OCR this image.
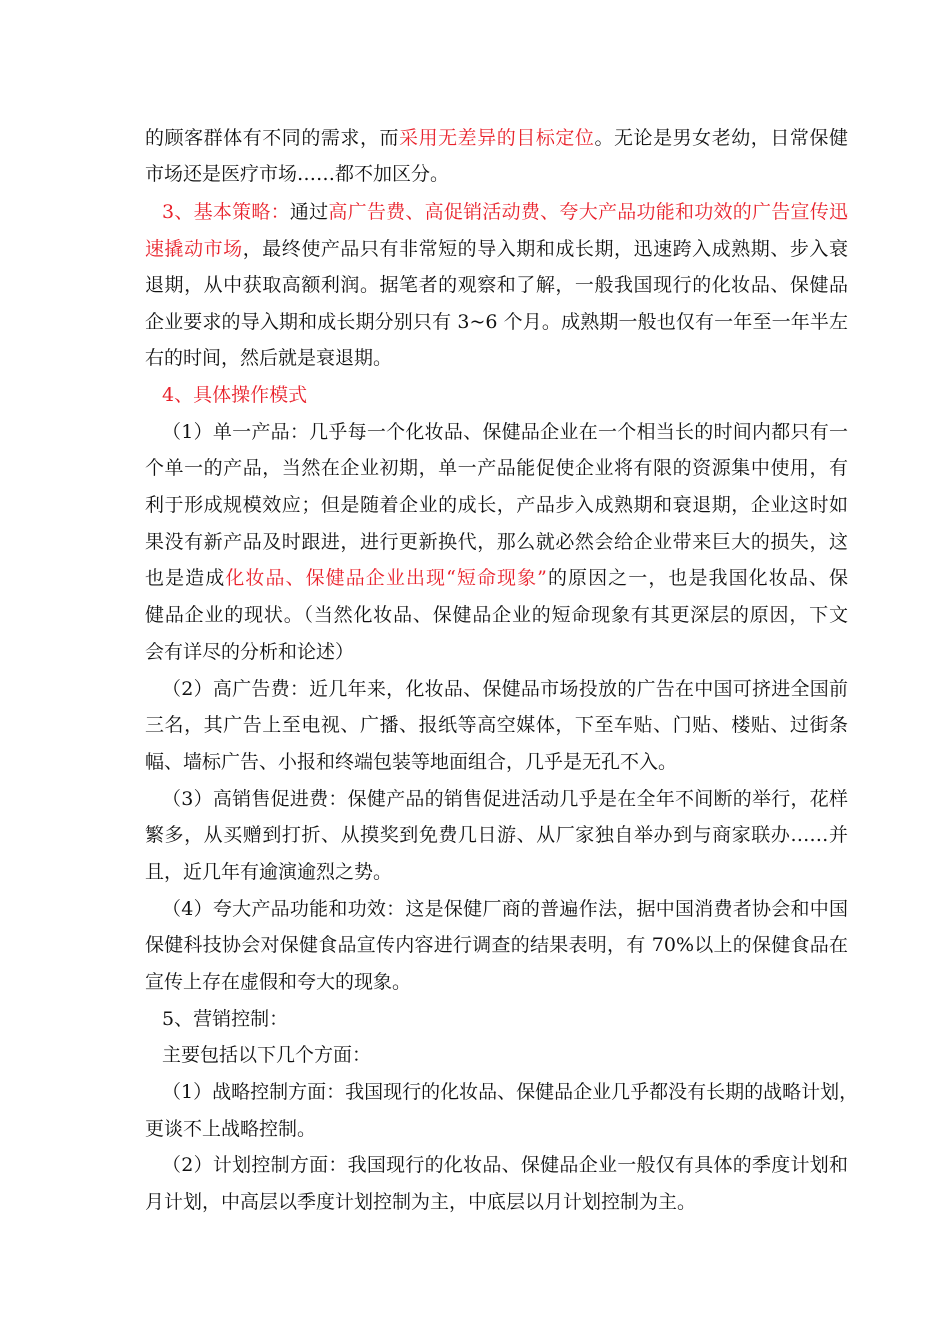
的顾客群体有不同的需求，而采用无差异的目标定位。无论是男女老幼，日常保健
市场还是医疗市场……都不加区分。
3、基本策略：通过高广告费、高促销活动费、夸大产品功能和功效的广告宣传迅
速撬动市场，最终使产品只有非常短的导入期和成长期，迅速跨入成熟期、步入衰
退期，从中获取高额利润。据笔者的观察和了解，一般我国现行的化妆品、保健品
企业要求的导入期和成长期分别只有 3~6 个月。成熟期一般也仅有一年至一年半左
右的时间，然后就是衰退期。
4、具体操作模式
（1）单一产品：几乎每一个化妆品、保健品企业在一个相当长的时间内都只有一
个单一的产品，当然在企业初期，单一产品能促使企业将有限的资源集中使用，有
利于形成规模效应；但是随着企业的成长，产品步入成熟期和衰退期，企业这时如
果没有新产品及时跟进，进行更新换代，那么就必然会给企业带来巨大的损失，这
也是造成化妆品、保健品企业出现“短命现象”的原因之一，也是我国化妆品、保
健品企业的现状。（当然化妆品、保健品企业的短命现象有其更深层的原因，下文
会有详尽的分析和论述）
（2）高广告费：近几年来，化妆品、保健品市场投放的广告在中国可挤进全国前
三名，其广告上至电视、广播、报纸等高空媒体，下至车贴、门贴、楼贴、过街条
幅、墙标广告、小报和终端包装等地面组合，几乎是无孔不入。
（3）高销售促进费：保健产品的销售促进活动几乎是在全年不间断的举行，花样
繁多，从买赠到打折、从摸奖到免费几日游、从厂家独自举办到与商家联办……并
且，近几年有逾演逾烈之势。
（4）夸大产品功能和功效：这是保健厂商的普遍作法，据中国消费者协会和中国
保健科技协会对保健食品宣传内容进行调查的结果表明，有 70%以上的保健食品在
宣传上存在虚假和夸大的现象。
5、营销控制：
主要包括以下几个方面：
（1）战略控制方面：我国现行的化妆品、保健品企业几乎都没有长期的战略计划，
更谈不上战略控制。
（2）计划控制方面：我国现行的化妆品、保健品企业一般仅有具体的季度计划和
月计划，中高层以季度计划控制为主，中底层以月计划控制为主。
